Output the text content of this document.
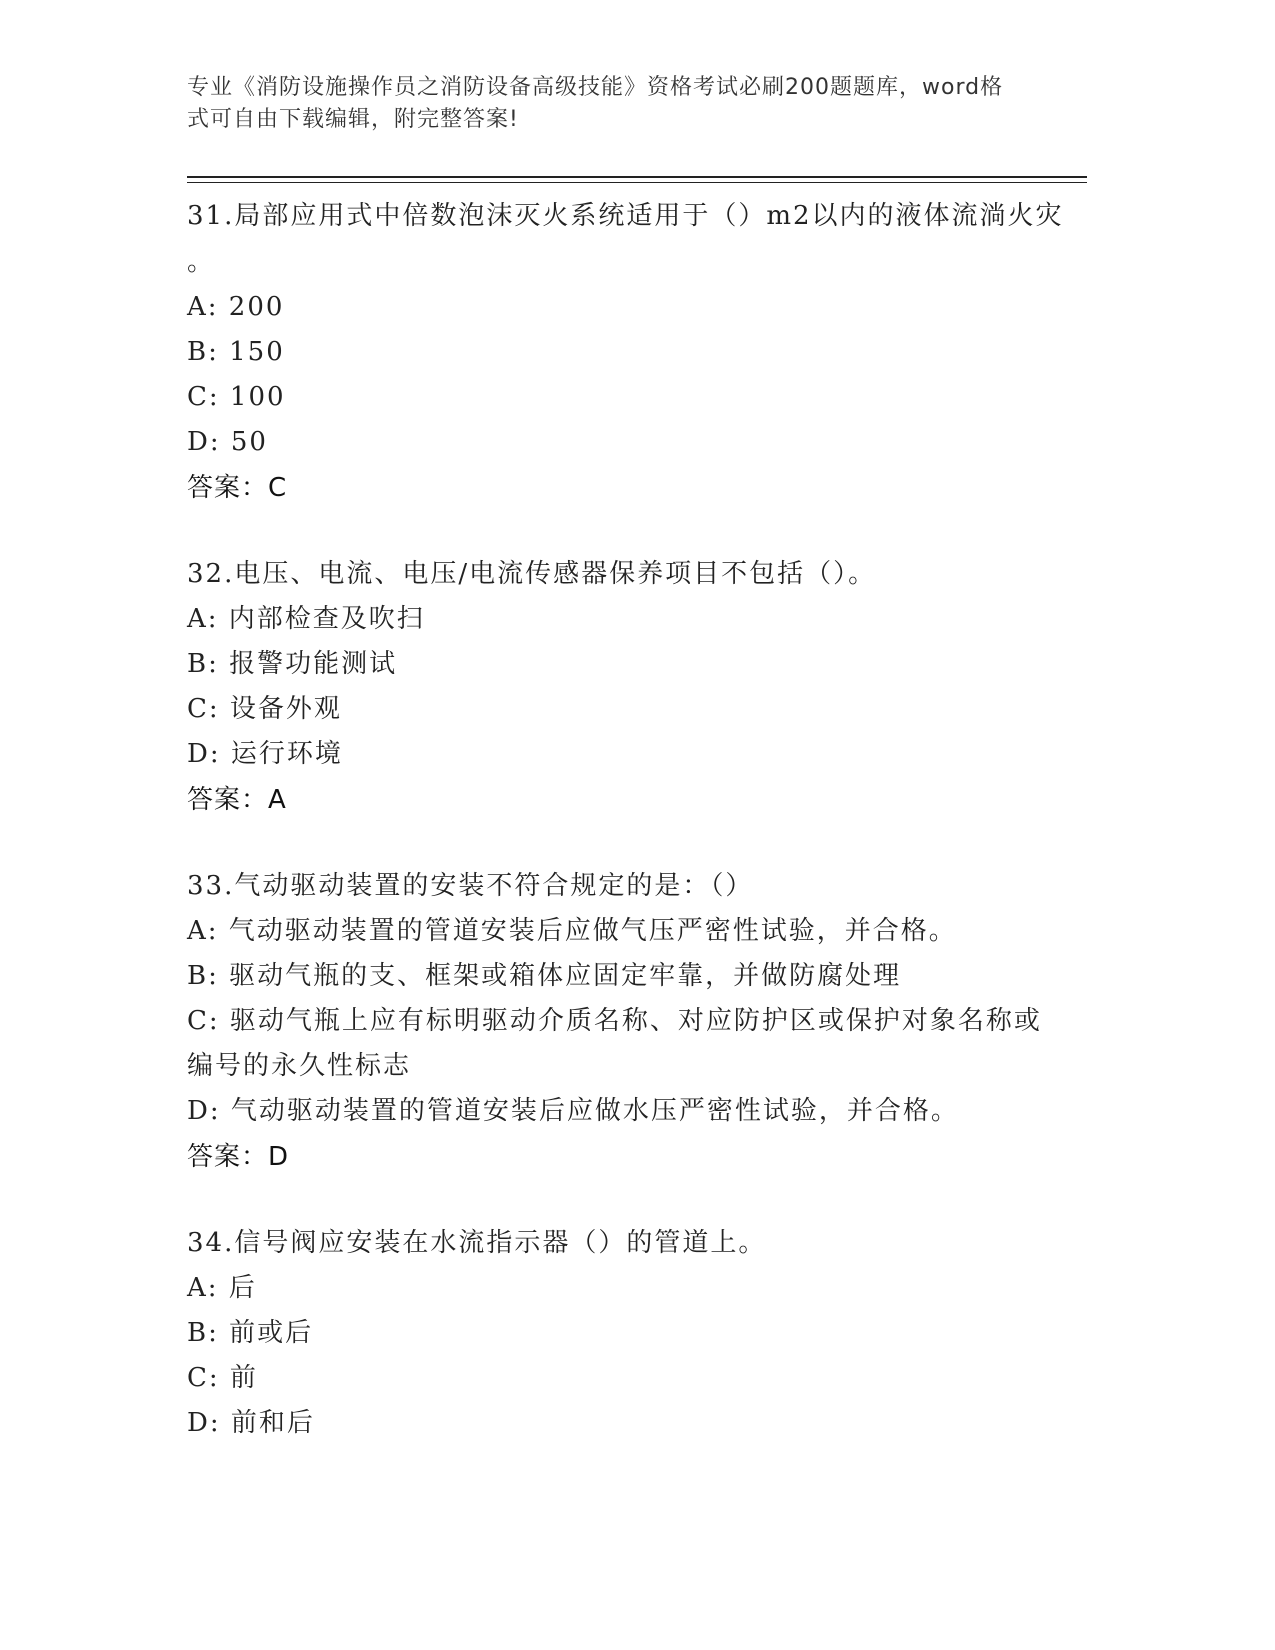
专业《消防设施操作员之消防设备高级技能》资格考试必刷200题题库，word格
式可自由下载编辑，附完整答案!
31.局部应用式中倍数泡沫灭火系统适用于（）m2以内的液体流淌火灾
。
A: 200
B: 150
C: 100
D: 50
答案：C
32.电压、电流、电压/电流传感器保养项目不包括（）。
A: 内部检查及吹扫
B: 报警功能测试
C: 设备外观
D: 运行环境
答案：A
33.气动驱动装置的安装不符合规定的是：（）
A: 气动驱动装置的管道安装后应做气压严密性试验，并合格。
B: 驱动气瓶的支、框架或箱体应固定牢靠，并做防腐处理
C: 驱动气瓶上应有标明驱动介质名称、对应防护区或保护对象名称或
编号的永久性标志
D: 气动驱动装置的管道安装后应做水压严密性试验，并合格。
答案：D
34.信号阀应安装在水流指示器（）的管道上。
A: 后
B: 前或后
C: 前
D: 前和后
